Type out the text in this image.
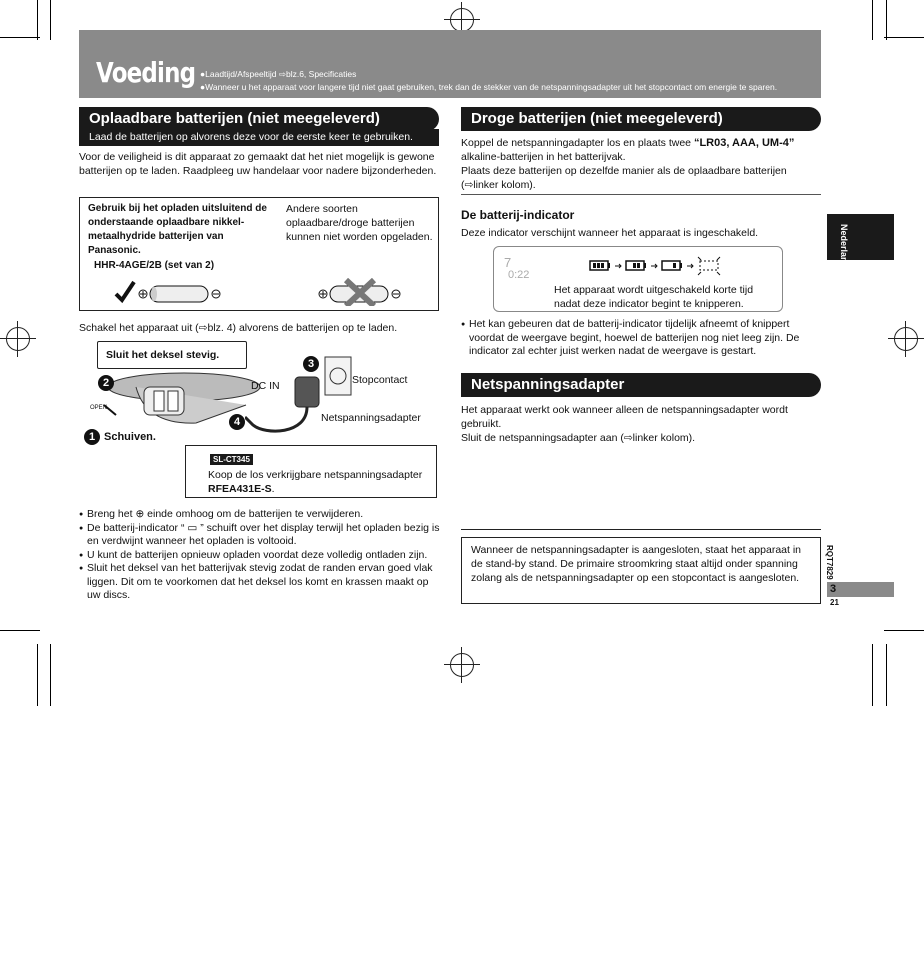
Voeding ●Laadtijd/Afspeeltijd ⇨blz.6, Specificaties
●Wanneer u het apparaat voor langere tijd niet gaat gebruiken, trek dan de stekker van de netspanningsadapter uit het stopcontact om energie te sparen.
Oplaadbare batterijen (niet meegeleverd)
Laad de batterijen op alvorens deze voor de eerste keer te gebruiken.

Voor de veiligheid is dit apparaat zo gemaakt dat het niet mogelijk is gewone batterijen op te laden. Raadpleeg uw handelaar voor nadere bijzonderheden.

Gebruik bij het opladen uitsluitend de onderstaande oplaadbare nikkel-metaalhydride batterijen van Panasonic.

HHR-4AGE/2B (set van 2)

Andere soorten oplaadbare/droge batterijen kunnen niet worden opgeladen.

Schakel het apparaat uit (⇨blz. 4) alvorens de batterijen op te laden.

Sluit het deksel stevig.

2
OPEN
1 Schuiven.
3
4
DC IN	Stopcontact
Netspanningsadapter
SL-CT345

Koop de los verkrijgbare netspanningsadapter RFEA431E-S.

● Breng het ⊕ einde omhoog om de batterijen te verwijderen.
● De batterij-indicator “ ▭ ” schuift over het display terwijl het opladen bezig is en verdwijnt wanneer het opladen is voltooid.
● U kunt de batterijen opnieuw opladen voordat deze volledig ontladen zijn.
● Sluit het deksel van het batterijvak stevig zodat de randen ervan goed vlak liggen. Dit om te voorkomen dat het deksel los komt en krassen maakt op uw discs.
Droge batterijen (niet meegeleverd)

Koppel de netspanningadapter los en plaats twee “LR03, AAA, UM-4”
alkaline-batterijen in het batterijvak.
Plaats deze batterijen op dezelfde manier als de oplaadbare batterijen (⇨linker kolom).

De batterij-indicator

Deze indicator verschijnt wanneer het apparaat is ingeschakeld.

7
0:22

Het apparaat wordt uitgeschakeld korte tijd nadat deze indicator begint te knipperen.

● Het kan gebeuren dat de batterij-indicator tijdelijk afneemt of knippert voordat de weergave begint, hoewel de batterijen nog niet leeg zijn. De indicator zal echter juist werken nadat de weergave is gestart.
Netspanningsadapter

Het apparaat werkt ook wanneer alleen de netspanningsadapter wordt gebruikt.
Sluit de netspanningsadapter aan (⇨linker kolom).

Wanneer de netspanningsadapter is aangesloten, staat het apparaat in de stand-by stand. De primaire stroomkring staat altijd onder spanning zolang als de netspanningsadapter op een stopcontact is aangesloten.

Nederlands
RQT7829
3
21
